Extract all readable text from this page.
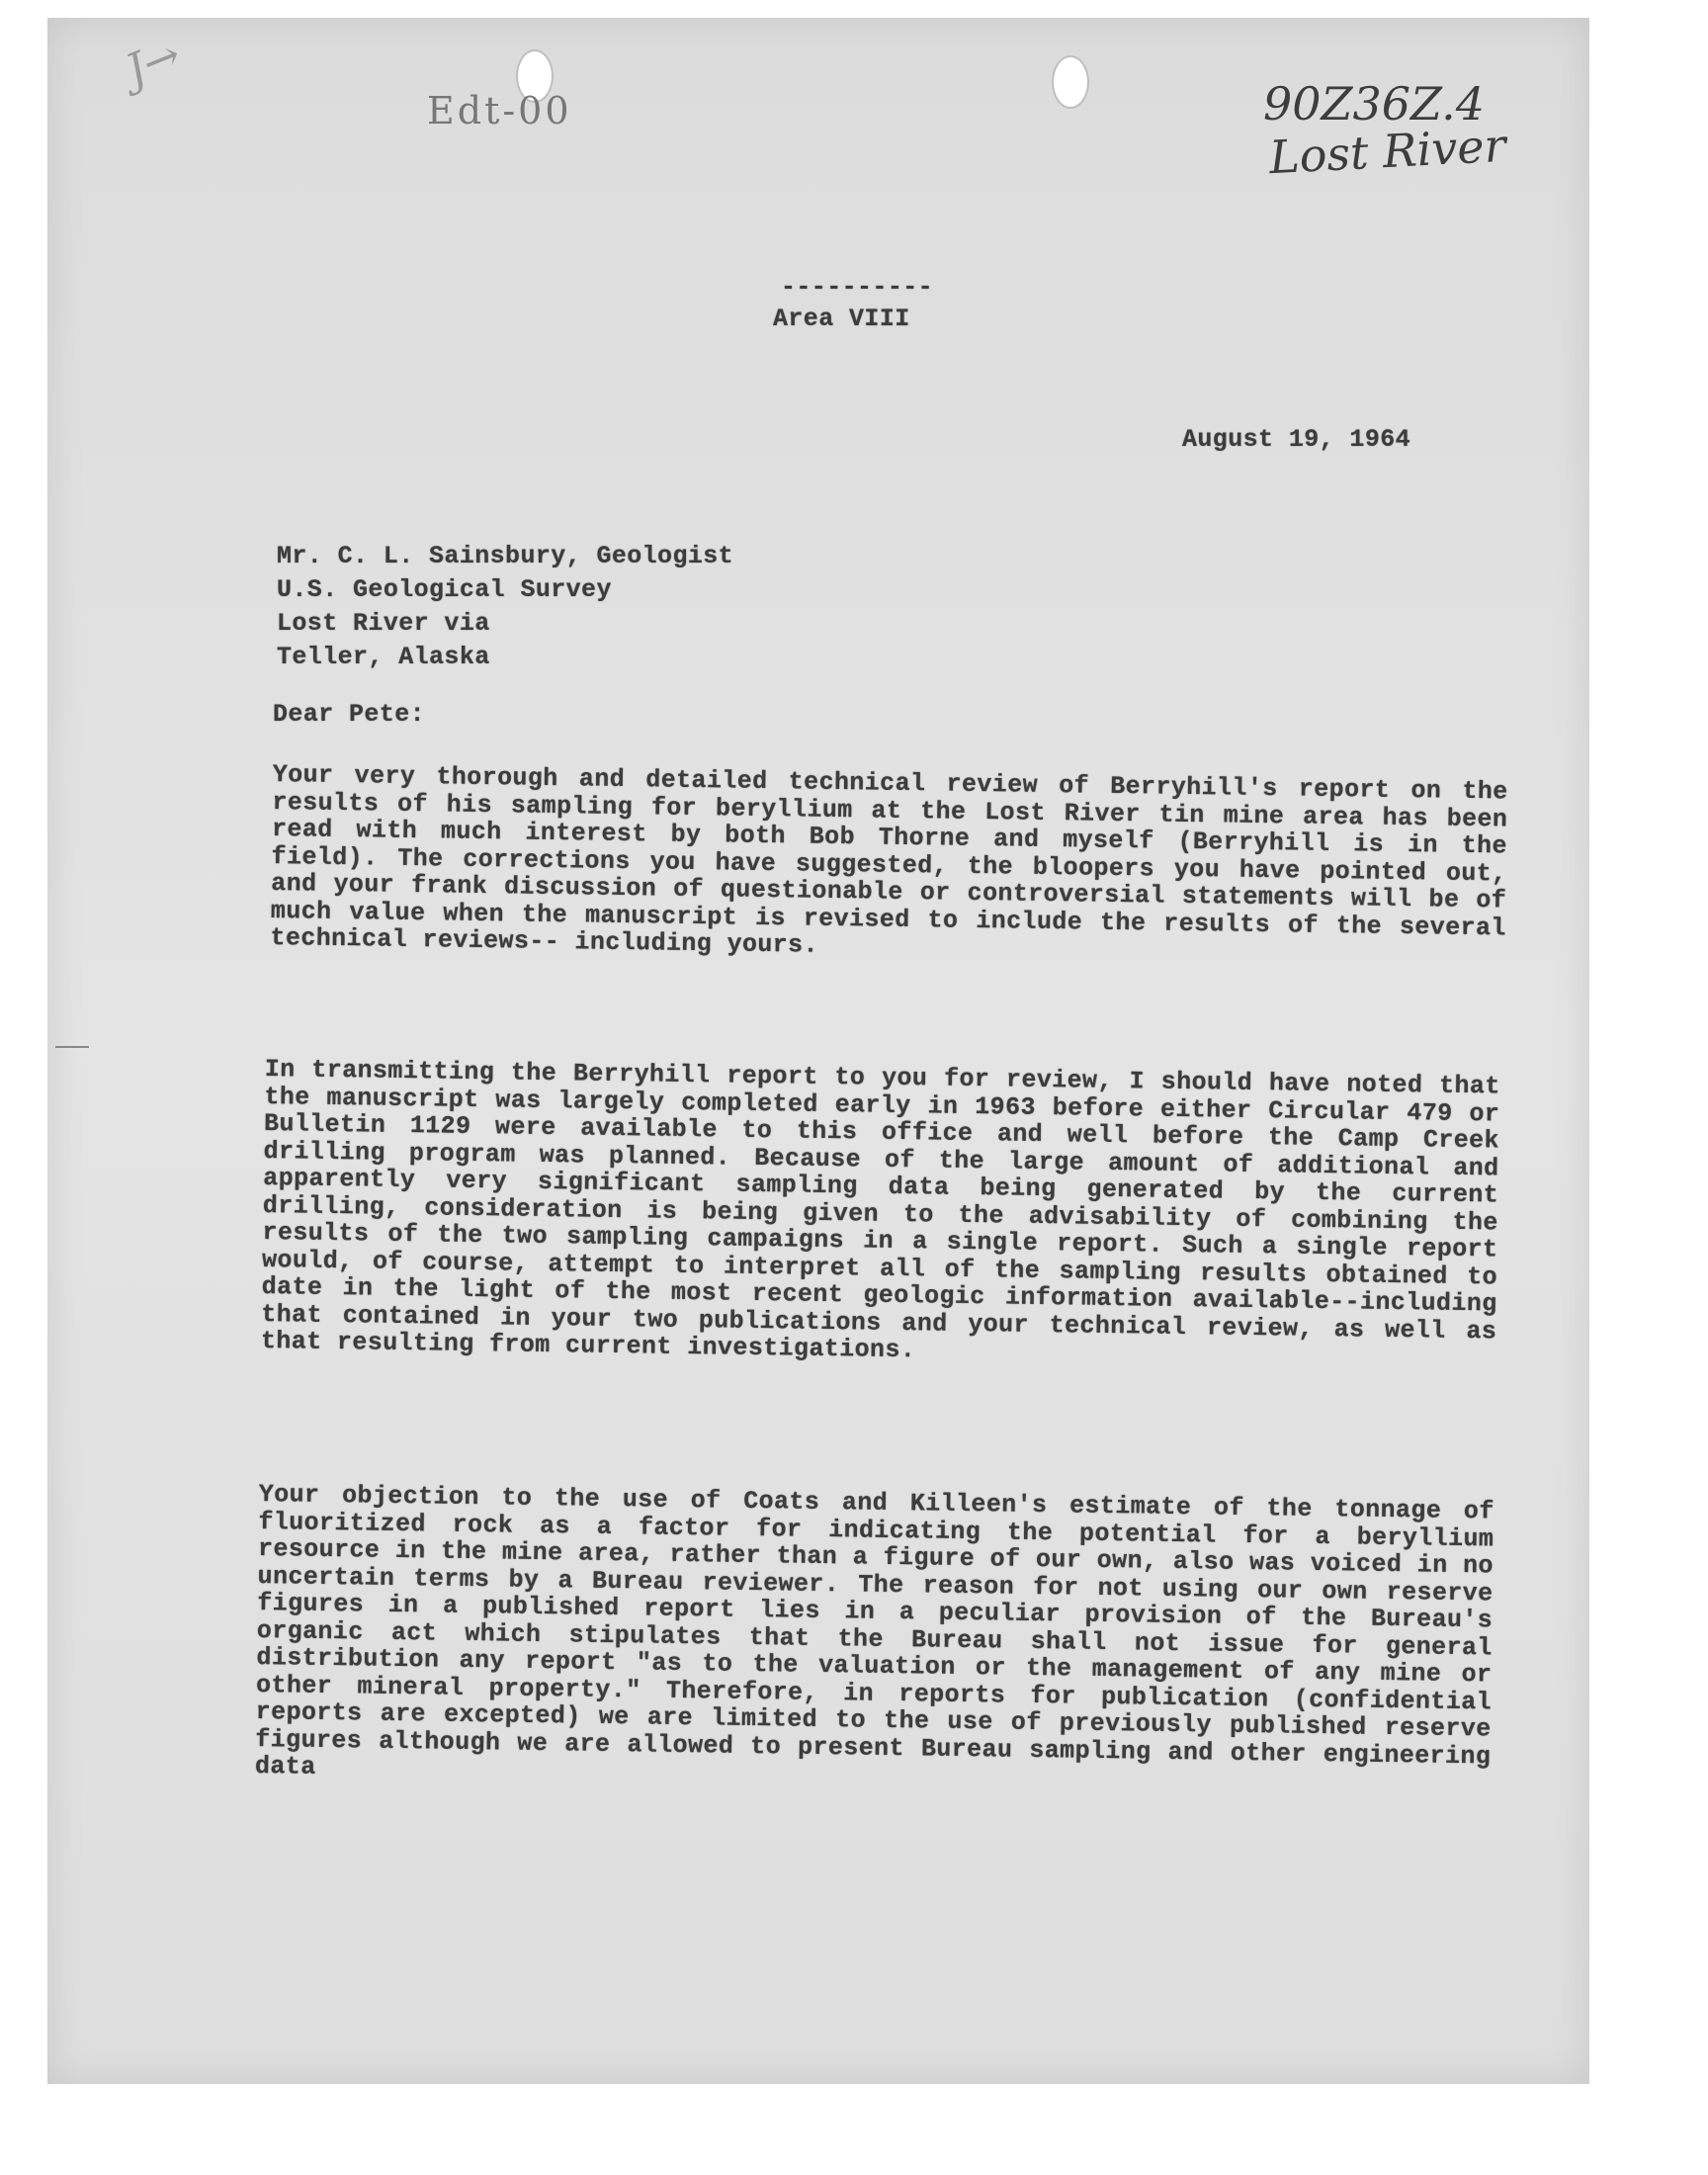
J→
Edt-00	90Z36Z.4
Lost River
----------
Area VIII
August 19, 1964
Mr. C. L. Sainsbury, Geologist
U.S. Geological Survey
Lost River via
Teller, Alaska
Dear Pete:

Your very thorough and detailed technical review of Berryhill's report on the results of his sampling for beryllium at the Lost River tin mine area has been read with much interest by both Bob Thorne and myself (Berryhill is in the field). The corrections you have suggested, the bloopers you have pointed out, and your frank discussion of questionable or controversial statements will be of much value when the manuscript is revised to include the results of the several technical reviews-- including yours.

In transmitting the Berryhill report to you for review, I should have noted that the manuscript was largely completed early in 1963 before either Circular 479 or Bulletin 1129 were available to this office and well before the Camp Creek drilling program was planned. Because of the large amount of additional and apparently very significant sampling data being generated by the current drilling, consideration is being given to the advisability of combining the results of the two sampling campaigns in a single report. Such a single report would, of course, attempt to interpret all of the sampling results obtained to date in the light of the most recent geologic information available--including that contained in your two publications and your technical review, as well as that resulting from current investigations.

Your objection to the use of Coats and Killeen's estimate of the tonnage of fluoritized rock as a factor for indicating the potential for a beryllium resource in the mine area, rather than a figure of our own, also was voiced in no uncertain terms by a Bureau reviewer. The reason for not using our own reserve figures in a published report lies in a peculiar provision of the Bureau's organic act which stipulates that the Bureau shall not issue for general distribution any report "as to the valuation or the management of any mine or other mineral property." Therefore, in reports for publication (confidential reports are excepted) we are limited to the use of previously published reserve figures although we are allowed to present Bureau sampling and other engineering data
